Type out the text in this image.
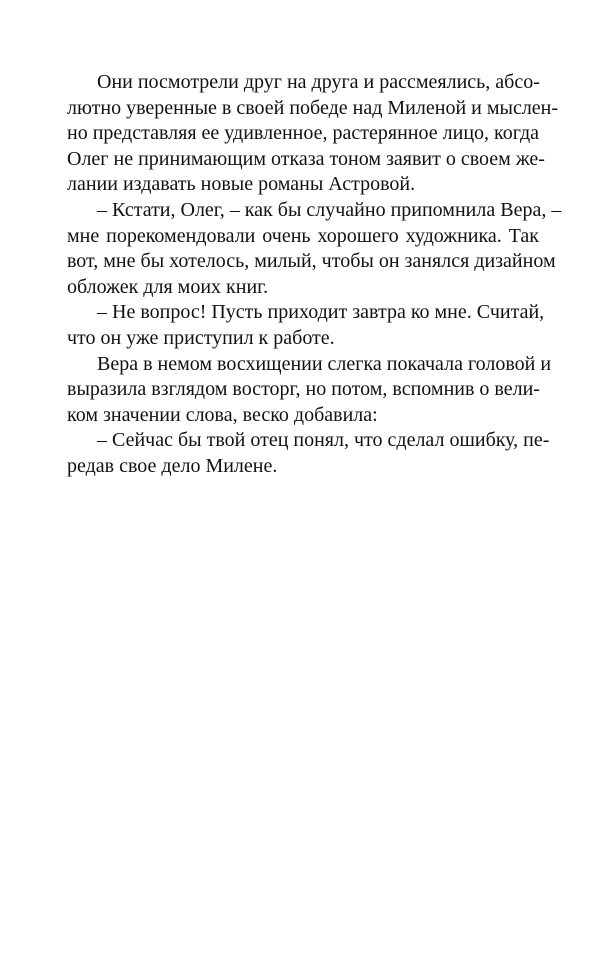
Они посмотрели друг на друга и рассмеялись, абсо-
лютно уверенные в своей победе над Миленой и мыслен-
но представляя ее удивленное, растерянное лицо, когда
Олег не принимающим отказа тоном заявит о своем же-
лании издавать новые романы Астровой.
– Кстати, Олег, – как бы случайно припомнила Вера, –
мне порекомендовали очень хорошего художника. Так
вот, мне бы хотелось, милый, чтобы он занялся дизайном
обложек для моих книг.
– Не вопрос! Пусть приходит завтра ко мне. Считай,
что он уже приступил к работе.
Вера в немом восхищении слегка покачала головой и
выразила взглядом восторг, но потом, вспомнив о вели-
ком значении слова, веско добавила:
– Сейчас бы твой отец понял, что сделал ошибку, пе-
редав свое дело Милене.
